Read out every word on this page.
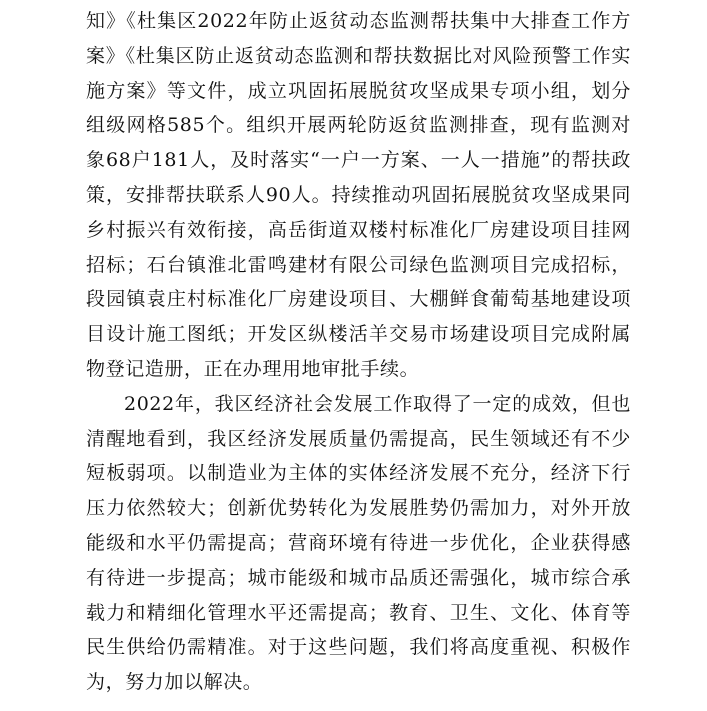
知》《杜集区2022年防止返贫动态监测帮扶集中大排查工作方案》《杜集区防止返贫动态监测和帮扶数据比对风险预警工作实施方案》等文件，成立巩固拓展脱贫攻坚成果专项小组，划分组级网格585个。组织开展两轮防返贫监测排查，现有监测对象68户181人，及时落实“一户一方案、一人一措施”的帮扶政策，安排帮扶联系人90人。持续推动巩固拓展脱贫攻坚成果同乡村振兴有效衔接，高岳街道双楼村标准化厂房建设项目挂网招标；石台镇淮北雷鸣建材有限公司绿色监测项目完成招标，段园镇袁庄村标准化厂房建设项目、大棚鲜食葡萄基地建设项目设计施工图纸；开发区纵楼活羊交易市场建设项目完成附属物登记造册，正在办理用地审批手续。

2022年，我区经济社会发展工作取得了一定的成效，但也清醒地看到，我区经济发展质量仍需提高，民生领域还有不少短板弱项。以制造业为主体的实体经济发展不充分，经济下行压力依然较大；创新优势转化为发展胜势仍需加力，对外开放能级和水平仍需提高；营商环境有待进一步优化，企业获得感有待进一步提高；城市能级和城市品质还需强化，城市综合承载力和精细化管理水平还需提高；教育、卫生、文化、体育等民生供给仍需精准。对于这些问题，我们将高度重视、积极作为，努力加以解决。
